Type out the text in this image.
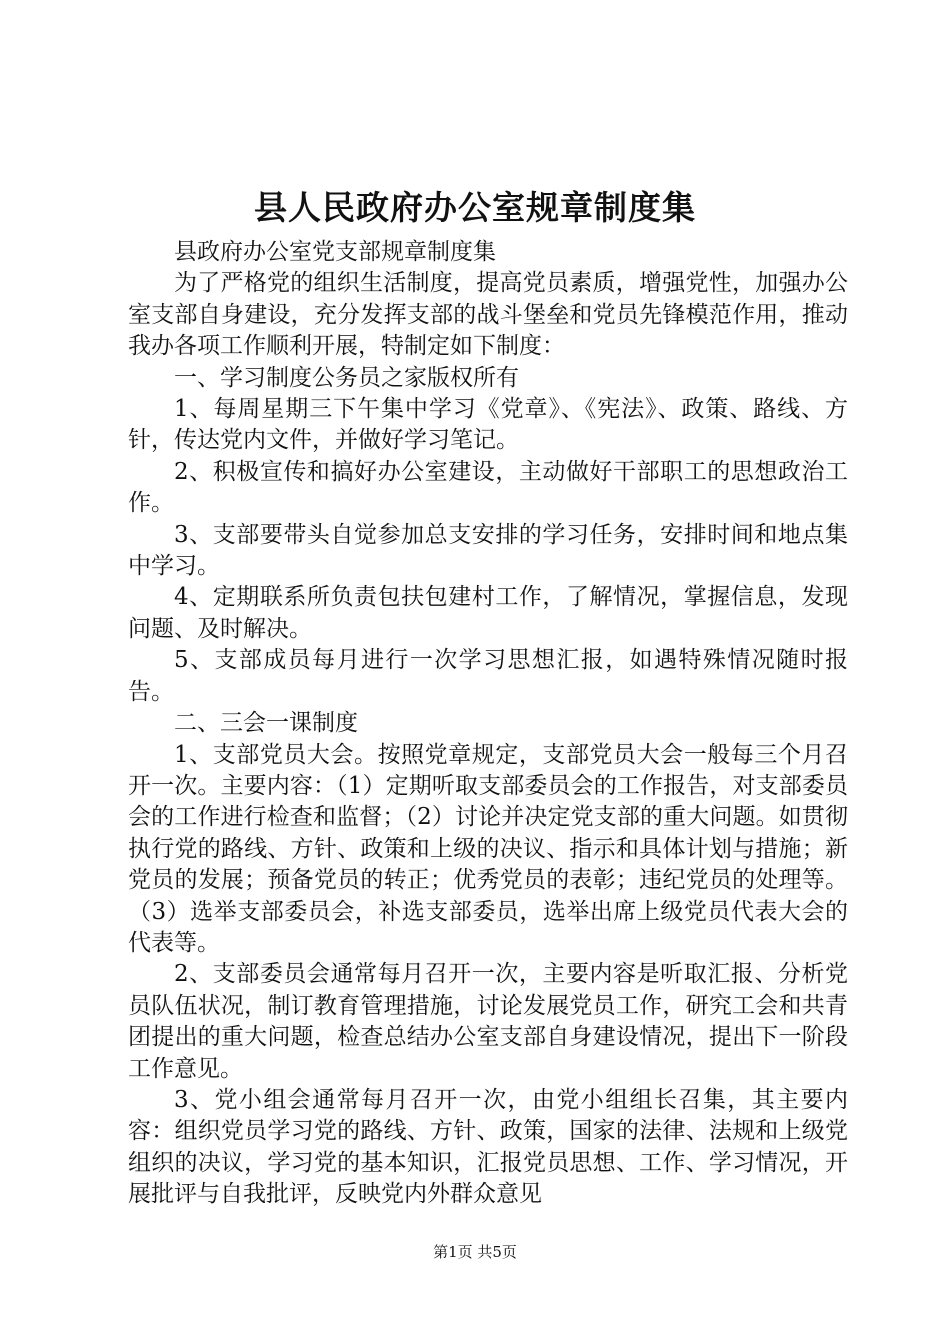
县人民政府办公室规章制度集

县政府办公室党支部规章制度集

为了严格党的组织生活制度，提高党员素质，增强党性，加强办公室支部自身建设，充分发挥支部的战斗堡垒和党员先锋模范作用，推动我办各项工作顺利开展，特制定如下制度：

一、学习制度公务员之家版权所有

1、每周星期三下午集中学习《党章》、《宪法》、政策、路线、方针，传达党内文件，并做好学习笔记。

2、积极宣传和搞好办公室建设，主动做好干部职工的思想政治工作。

3、支部要带头自觉参加总支安排的学习任务，安排时间和地点集中学习。

4、定期联系所负责包扶包建村工作，了解情况，掌握信息，发现问题、及时解决。

5、支部成员每月进行一次学习思想汇报，如遇特殊情况随时报告。

二、三会一课制度

1、支部党员大会。按照党章规定，支部党员大会一般每三个月召开一次。主要内容：（1）定期听取支部委员会的工作报告，对支部委员会的工作进行检查和监督；（2）讨论并决定党支部的重大问题。如贯彻执行党的路线、方针、政策和上级的决议、指示和具体计划与措施；新党员的发展；预备党员的转正；优秀党员的表彰；违纪党员的处理等。（3）选举支部委员会，补选支部委员，选举出席上级党员代表大会的代表等。

2、支部委员会通常每月召开一次，主要内容是听取汇报、分析党员队伍状况，制订教育管理措施，讨论发展党员工作，研究工会和共青团提出的重大问题，检查总结办公室支部自身建设情况，提出下一阶段工作意见。

3、党小组会通常每月召开一次，由党小组组长召集，其主要内容：组织党员学习党的路线、方针、政策，国家的法律、法规和上级党组织的决议，学习党的基本知识，汇报党员思想、工作、学习情况，开展批评与自我批评，反映党内外群众意见

第1页 共5页
